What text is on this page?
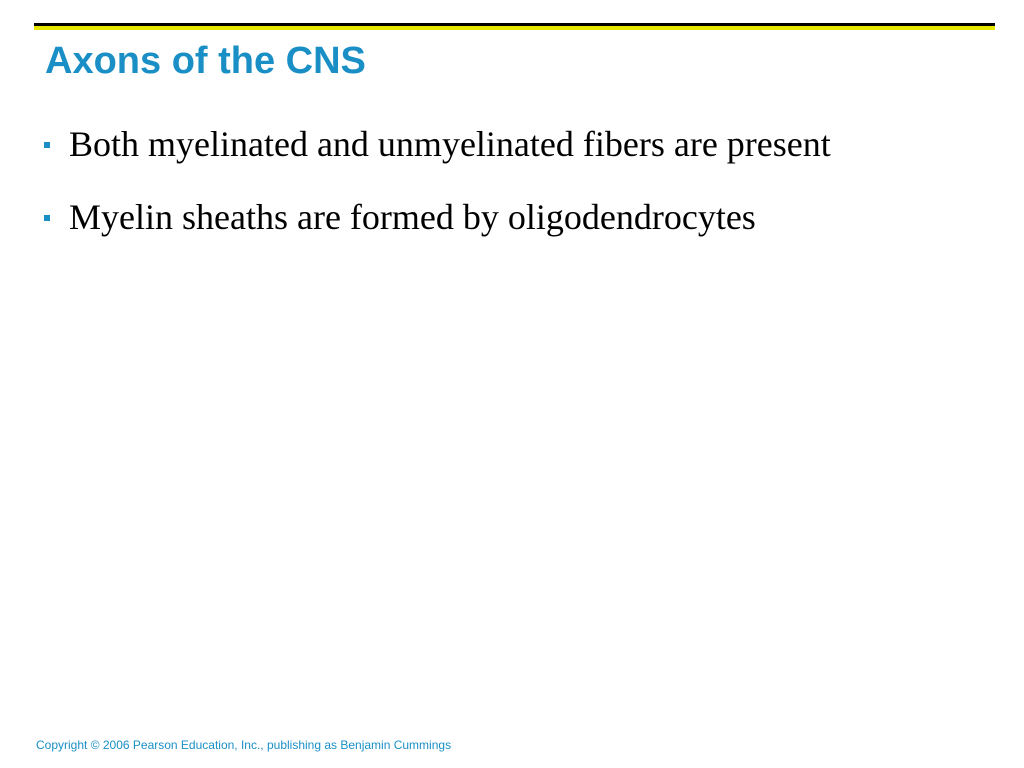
Axons of the CNS
Both myelinated and unmyelinated fibers are present
Myelin sheaths are formed by oligodendrocytes

Copyright © 2006 Pearson Education, Inc., publishing as Benjamin Cummings
